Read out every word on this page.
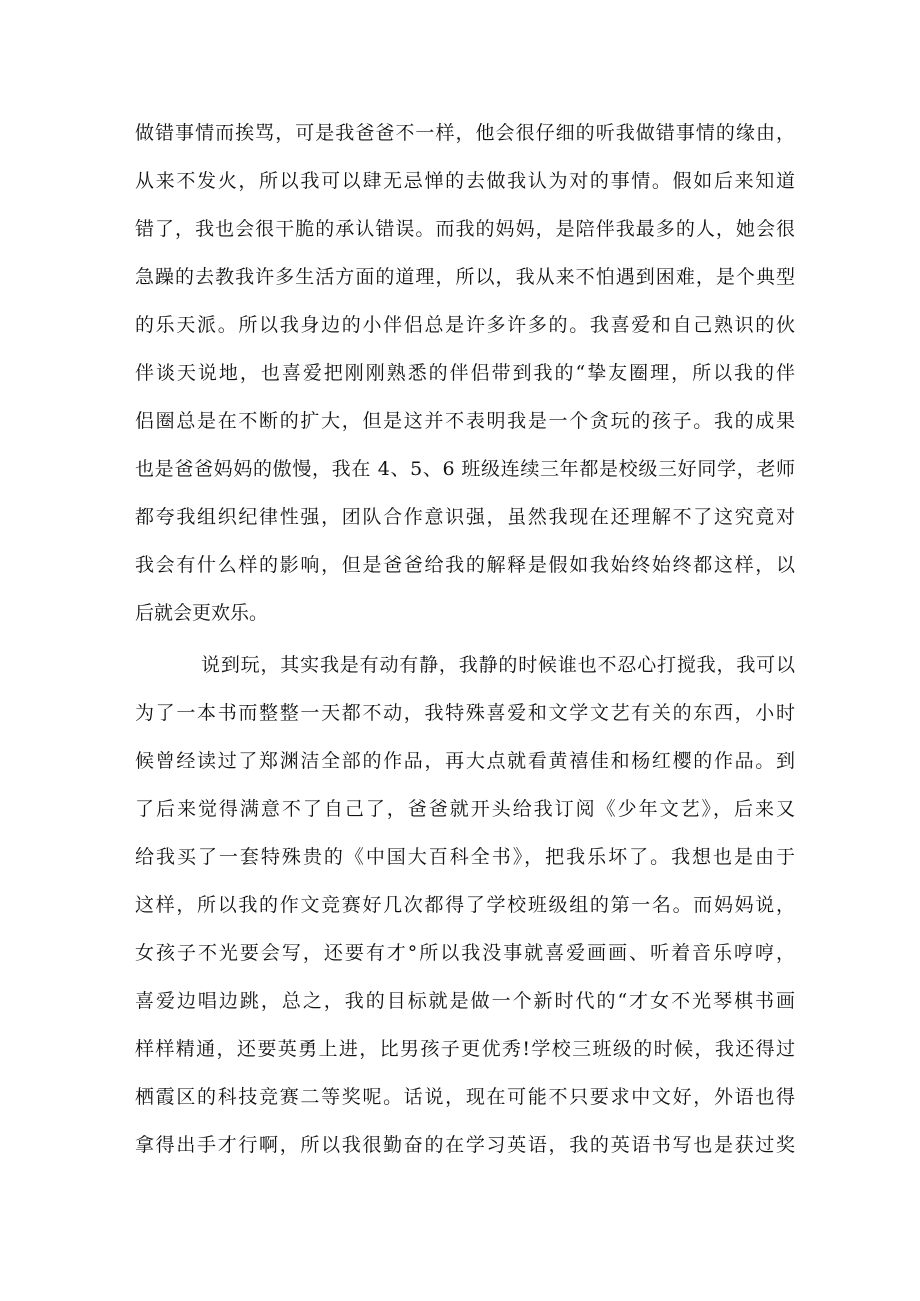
做错事情而挨骂，可是我爸爸不一样，他会很仔细的听我做错事情的缘由，

从来不发火，所以我可以肆无忌惮的去做我认为对的事情。假如后来知道

错了，我也会很干脆的承认错误。而我的妈妈，是陪伴我最多的人，她会很

急躁的去教我许多生活方面的道理，所以，我从来不怕遇到困难，是个典型

的乐天派。所以我身边的小伴侣总是许多许多的。我喜爱和自己熟识的伙

伴谈天说地，也喜爱把刚刚熟悉的伴侣带到我的“挚友圈理，所以我的伴

侣圈总是在不断的扩大，但是这并不表明我是一个贪玩的孩子。我的成果

也是爸爸妈妈的傲慢，我在 4、5、6 班级连续三年都是校级三好同学，老师

都夸我组织纪律性强，团队合作意识强，虽然我现在还理解不了这究竟对

我会有什么样的影响，但是爸爸给我的解释是假如我始终始终都这样，以

后就会更欢乐。

说到玩，其实我是有动有静，我静的时候谁也不忍心打搅我，我可以

为了一本书而整整一天都不动，我特殊喜爱和文学文艺有关的东西，小时

候曾经读过了郑渊洁全部的作品，再大点就看黄禧佳和杨红樱的作品。到

了后来觉得满意不了自己了，爸爸就开头给我订阅《少年文艺》，后来又

给我买了一套特殊贵的《中国大百科全书》，把我乐坏了。我想也是由于

这样，所以我的作文竞赛好几次都得了学校班级组的第一名。而妈妈说，

女孩子不光要会写，还要有才°所以我没事就喜爱画画、听着音乐哼哼，

喜爱边唱边跳，总之，我的目标就是做一个新时代的“才女不光琴棋书画

样样精通，还要英勇上进，比男孩子更优秀!学校三班级的时候，我还得过

栖霞区的科技竞赛二等奖呢。话说，现在可能不只要求中文好，外语也得

拿得出手才行啊，所以我很勤奋的在学习英语，我的英语书写也是获过奖
